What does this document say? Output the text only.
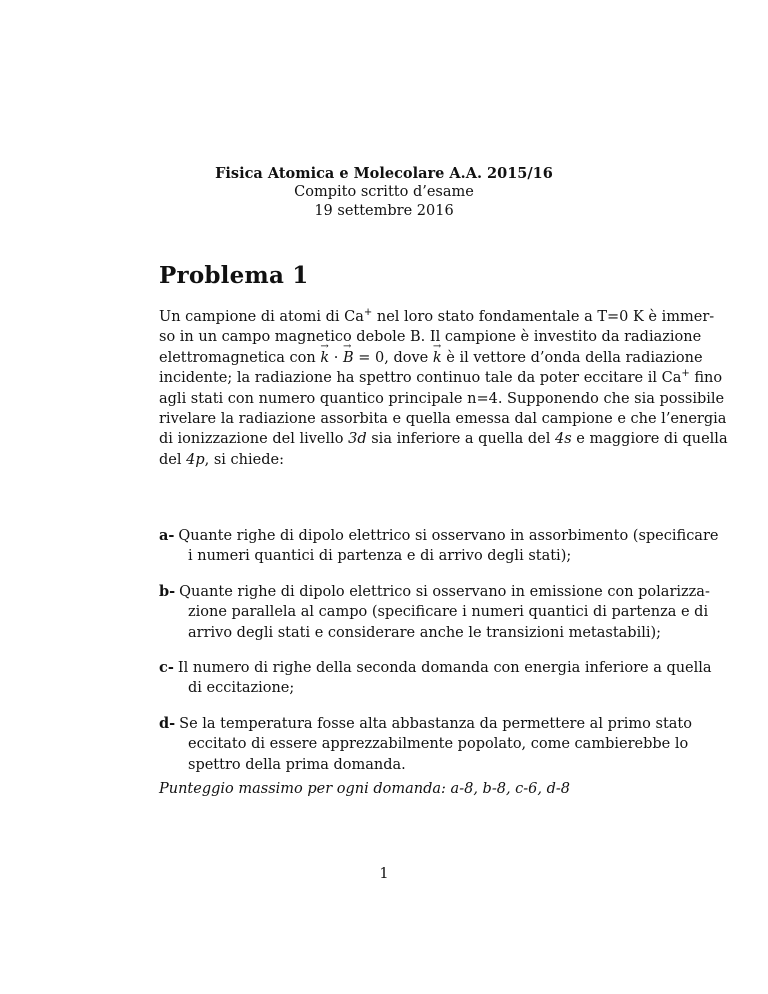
Fisica Atomica e Molecolare A.A. 2015/16
Compito scritto d’esame
19 settembre 2016
Problema 1
Un campione di atomi di Ca+ nel loro stato fondamentale a T=0 K è immer-
so in un campo magnetico debole B. Il campione è investito da radiazione
elettromagnetica con → k · → B = 0, dove → k è il vettore d’onda della radiazione
incidente; la radiazione ha spettro continuo tale da poter eccitare il Ca+ fino
agli stati con numero quantico principale n=4. Supponendo che sia possibile
rivelare la radiazione assorbita e quella emessa dal campione e che l’energia
di ionizzazione del livello 3d sia inferiore a quella del 4s e maggiore di quella
del 4p, si chiede:
a- Quante righe di dipolo elettrico si osservano in assorbimento (specificare
i numeri quantici di partenza e di arrivo degli stati);
b- Quante righe di dipolo elettrico si osservano in emissione con polarizza-
zione parallela al campo (specificare i numeri quantici di partenza e di
arrivo degli stati e considerare anche le transizioni metastabili);
c- Il numero di righe della seconda domanda con energia inferiore a quella
di eccitazione;
d- Se la temperatura fosse alta abbastanza da permettere al primo stato
eccitato di essere apprezzabilmente popolato, come cambierebbe lo
spettro della prima domanda.
Punteggio massimo per ogni domanda: a-8, b-8, c-6, d-8
1
